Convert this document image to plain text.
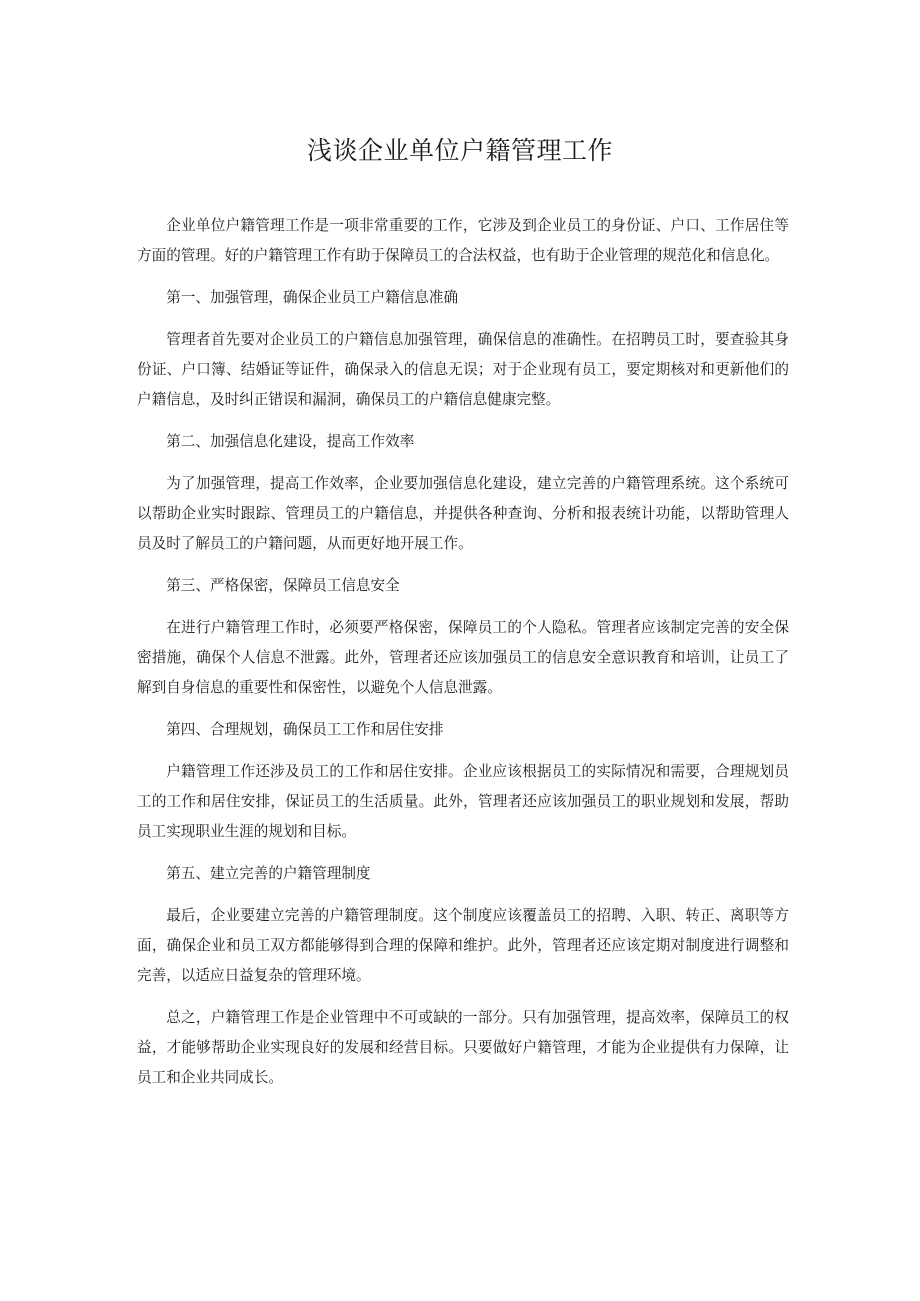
浅谈企业单位户籍管理工作

企业单位户籍管理工作是一项非常重要的工作，它涉及到企业员工的身份证、户口、工作居住等方面的管理。好的户籍管理工作有助于保障员工的合法权益，也有助于企业管理的规范化和信息化。

第一、加强管理，确保企业员工户籍信息准确

管理者首先要对企业员工的户籍信息加强管理，确保信息的准确性。在招聘员工时，要查验其身份证、户口簿、结婚证等证件，确保录入的信息无误；对于企业现有员工，要定期核对和更新他们的户籍信息，及时纠正错误和漏洞，确保员工的户籍信息健康完整。

第二、加强信息化建设，提高工作效率

为了加强管理，提高工作效率，企业要加强信息化建设，建立完善的户籍管理系统。这个系统可以帮助企业实时跟踪、管理员工的户籍信息，并提供各种查询、分析和报表统计功能，以帮助管理人员及时了解员工的户籍问题，从而更好地开展工作。

第三、严格保密，保障员工信息安全

在进行户籍管理工作时，必须要严格保密，保障员工的个人隐私。管理者应该制定完善的安全保密措施，确保个人信息不泄露。此外，管理者还应该加强员工的信息安全意识教育和培训，让员工了解到自身信息的重要性和保密性，以避免个人信息泄露。

第四、合理规划，确保员工工作和居住安排

户籍管理工作还涉及员工的工作和居住安排。企业应该根据员工的实际情况和需要，合理规划员工的工作和居住安排，保证员工的生活质量。此外，管理者还应该加强员工的职业规划和发展，帮助员工实现职业生涯的规划和目标。

第五、建立完善的户籍管理制度

最后，企业要建立完善的户籍管理制度。这个制度应该覆盖员工的招聘、入职、转正、离职等方面，确保企业和员工双方都能够得到合理的保障和维护。此外，管理者还应该定期对制度进行调整和完善，以适应日益复杂的管理环境。

总之，户籍管理工作是企业管理中不可或缺的一部分。只有加强管理，提高效率，保障员工的权益，才能够帮助企业实现良好的发展和经营目标。只要做好户籍管理，才能为企业提供有力保障，让员工和企业共同成长。
